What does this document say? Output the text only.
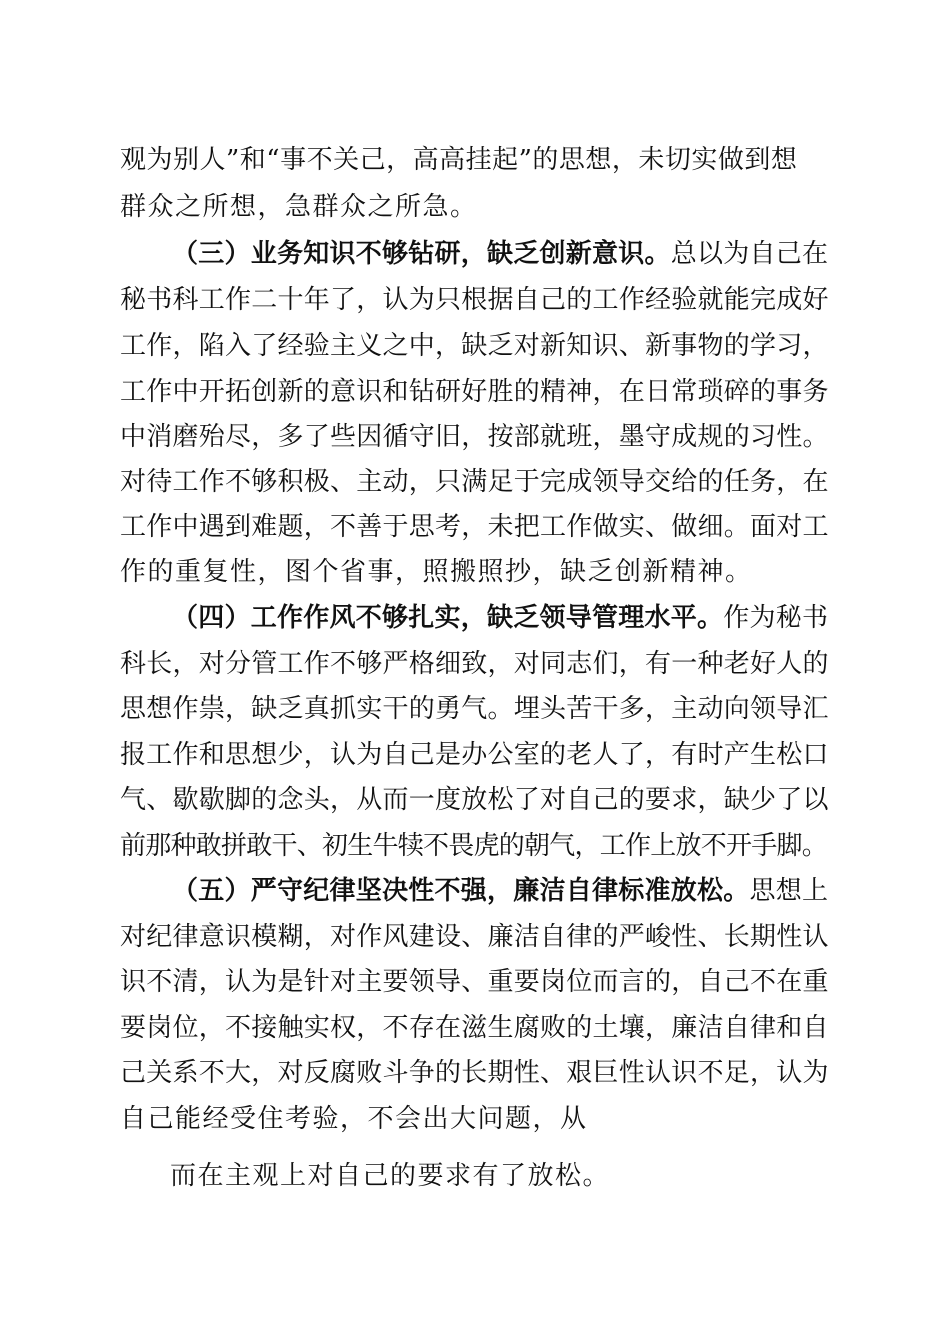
观为别人”和“事不关己，高高挂起”的思想，未切实做到想
群众之所想，急群众之所急。
（三）业务知识不够钻研，缺乏创新意识。总以为自己在
秘书科工作二十年了，认为只根据自己的工作经验就能完成好
工作，陷入了经验主义之中，缺乏对新知识、新事物的学习，
工作中开拓创新的意识和钻研好胜的精神，在日常琐碎的事务
中消磨殆尽，多了些因循守旧，按部就班，墨守成规的习性。
对待工作不够积极、主动，只满足于完成领导交给的任务，在
工作中遇到难题，不善于思考，未把工作做实、做细。面对工
作的重复性，图个省事，照搬照抄，缺乏创新精神。
（四）工作作风不够扎实，缺乏领导管理水平。作为秘书
科长，对分管工作不够严格细致，对同志们，有一种老好人的
思想作祟，缺乏真抓实干的勇气。埋头苦干多，主动向领导汇
报工作和思想少，认为自己是办公室的老人了，有时产生松口
气、歇歇脚的念头，从而一度放松了对自己的要求，缺少了以
前那种敢拼敢干、初生牛犊不畏虎的朝气，工作上放不开手脚。
（五）严守纪律坚决性不强，廉洁自律标准放松。思想上
对纪律意识模糊，对作风建设、廉洁自律的严峻性、长期性认
识不清，认为是针对主要领导、重要岗位而言的，自己不在重
要岗位，不接触实权，不存在滋生腐败的土壤，廉洁自律和自
己关系不大，对反腐败斗争的长期性、艰巨性认识不足，认为
自己能经受住考验，不会出大问题，从
而在主观上对自己的要求有了放松。
